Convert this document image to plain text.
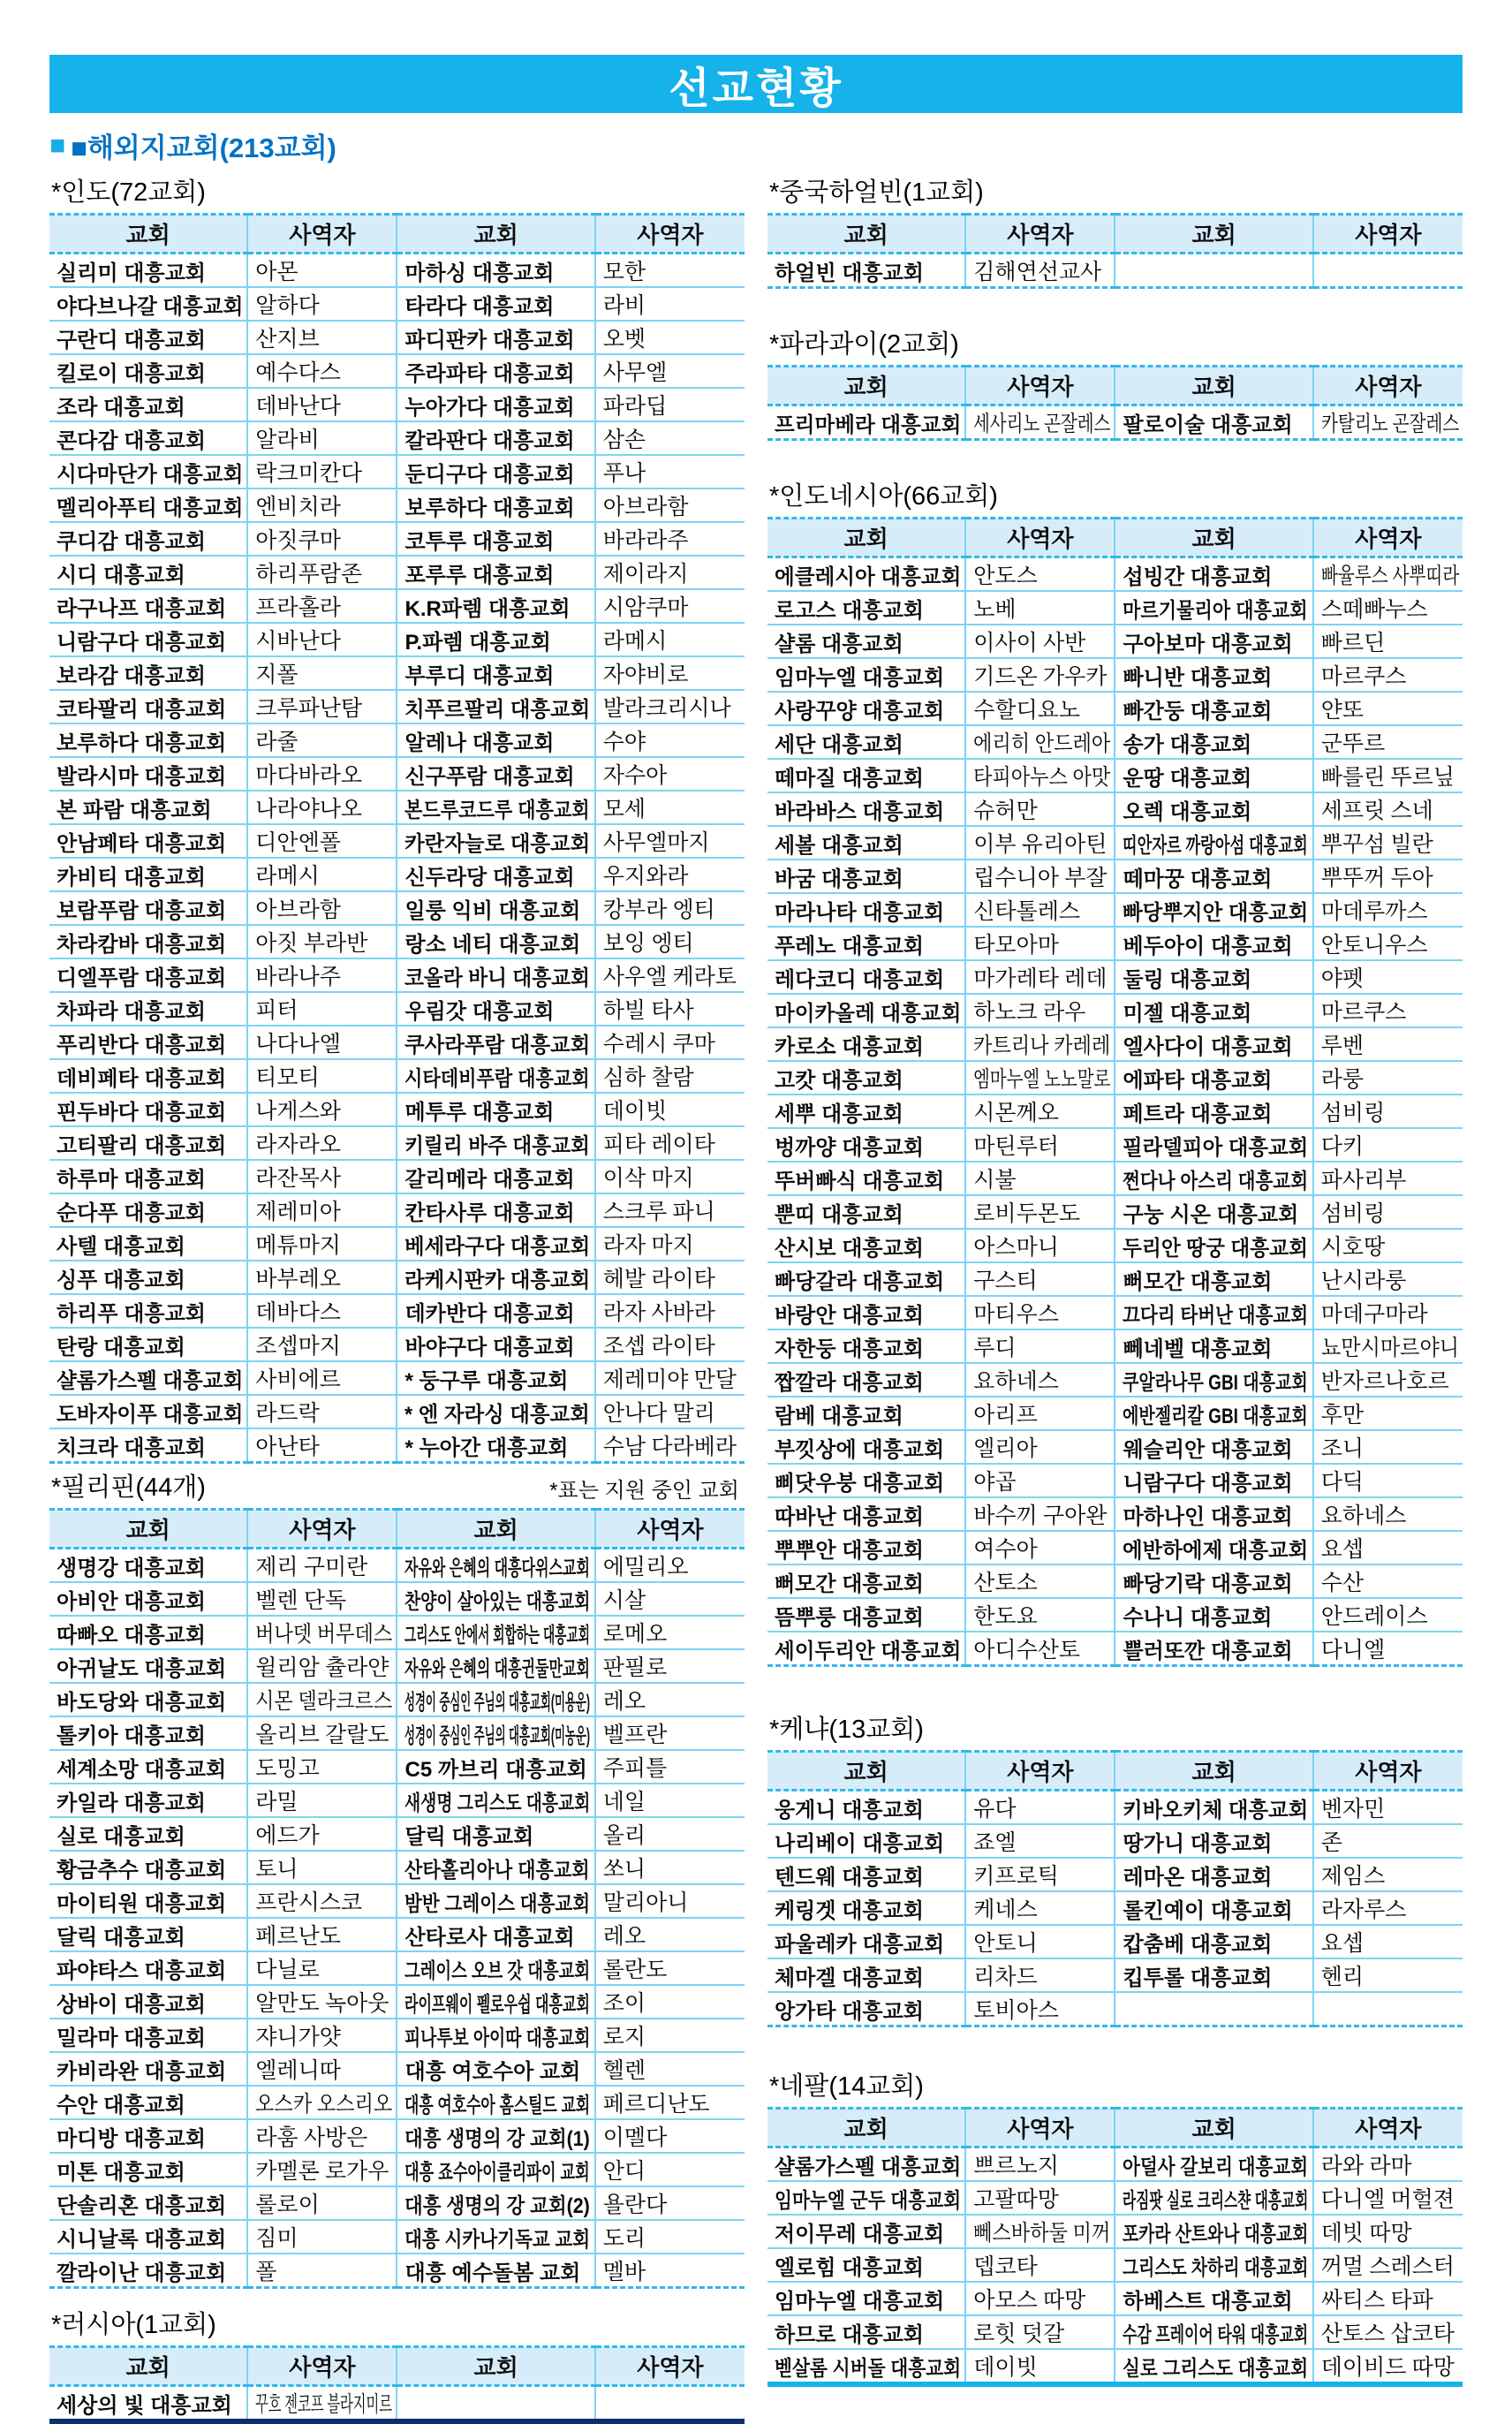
선교현황
■ ■해외지교회(213교회)
*인도(72교회)
교회	사역자	교회	사역자
실리미 대흥교회	아몬	마하싱 대흥교회	모한
야다브나갈 대흥교회	알하다	타라다 대흥교회	라비
구란디 대흥교회	산지브	파디판카 대흥교회	오벳
킬로이 대흥교회	예수다스	주라파타 대흥교회	사무엘
조라 대흥교회	데바난다	누아가다 대흥교회	파라딥
콘다감 대흥교회	알라비	칼라판다 대흥교회	삼손
시다마단가 대흥교회	락크미칸다	둔디구다 대흥교회	푸나
멜리아푸티 대흥교회	엔비치라	보루하다 대흥교회	아브라함
쿠디감 대흥교회	아짓쿠마	코투루 대흥교회	바라라주
시디 대흥교회	하리푸람존	포루루 대흥교회	제이라지
라구나프 대흥교회	프라홀라	K.R파렘 대흥교회	시암쿠마
니람구다 대흥교회	시바난다	P.파렘 대흥교회	라메시
보라감 대흥교회	지폴	부루디 대흥교회	자야비로
코타팔리 대흥교회	크루파난탐	치푸르팔리 대흥교회	발라크리시나
보루하다 대흥교회	라줄	알레나 대흥교회	수야
발라시마 대흥교회	마다바라오	신구푸람 대흥교회	자수아
본 파람 대흥교회	나라야나오	본드루코드루 대흥교회	모세
안남페타 대흥교회	디안엔폴	카란자늘로 대흥교회	사무엘마지
카비티 대흥교회	라메시	신두라당 대흥교회	우지와라
보람푸람 대흥교회	아브라함	일룽 익비 대흥교회	캉부라 엥티
차라캄바 대흥교회	아짓 부라반	랑소 네티 대흥교회	보잉 엥티
디엘푸람 대흥교회	바라나주	코올라 바니 대흥교회	사우엘 케라토
차파라 대흥교회	피터	우림갓 대흥교회	하빌 타사
푸리반다 대흥교회	나다나엘	쿠사라푸람 대흥교회	수레시 쿠마
데비페타 대흥교회	티모티	시타데비푸람 대흥교회	심하 찰람
핀두바다 대흥교회	나게스와	메투루 대흥교회	데이빗
고티팔리 대흥교회	라자라오	키릴리 바주 대흥교회	피타 레이타
하루마 대흥교회	라잔목사	갈리메라 대흥교회	이삭 마지
순다푸 대흥교회	제레미아	칸타사루 대흥교회	스크루 파니
사텔 대흥교회	메튜마지	베세라구다 대흥교회	라자 마지
싱푸 대흥교회	바부레오	라케시판카 대흥교회	헤발 라이타
하리푸 대흥교회	데바다스	데카반다 대흥교회	라자 사바라
탄랑 대흥교회	조셉마지	바야구다 대흥교회	조셉 라이타
샬롬가스펠 대흥교회	사비에르	* 둥구루 대흥교회	제레미야 만달
도바자이푸 대흥교회	라드락	* 엔 자라싱 대흥교회	안나다 말리
치크라 대흥교회	아난타	* 누아간 대흥교회	수남 다라베라
*필리핀(44개)	*표는 지원 중인 교회
교회	사역자	교회	사역자
생명강 대흥교회	제리 구미란	자유와 은혜의 대흥다위스교회	에밀리오
아비안 대흥교회	벨렌 단독	찬양이 살아있는 대흥교회	시살
따빠오 대흥교회	버나뎃 버무데스	그리스도 안에서 회합하는 대흥교회	로메오
아귀날도 대흥교회	윌리암 츌라얀	자유와 은혜의 대흥귄둘만교회	판필로
바도당와 대흥교회	시몬 델라크르스	성경이 중심인 주님의 대흥교회(미용운)	레오
톨키아 대흥교회	올리브 갈랄도	성경이 중심인 주님의 대흥교회(미농운)	벨프란
세계소망 대흥교회	도밍고	C5 까브리 대흥교회	주피틀
카일라 대흥교회	라밀	새생명 그리스도 대흥교회	네일
실로 대흥교회	에드가	달릭 대흥교회	올리
황금추수 대흥교회	토니	산타홀리아나 대흥교회	쏘니
마이티원 대흥교회	프란시스코	밤반 그레이스 대흥교회	말리아니
달릭 대흥교회	페르난도	산타로사 대흥교회	레오
파야타스 대흥교회	다닐로	그레이스 오브 갓 대흥교회	롤란도
상바이 대흥교회	알만도 녹아웃	라이프웨이 펠로우쉽 대흥교회	조이
밀라마 대흥교회	쟈니가얏	피나투보 아이따 대흥교회	로지
카비라완 대흥교회	엘레니따	대흥 여호수아 교회	헬렌
수안 대흥교회	오스카 오스리오	대흥 여호수아 홈스틸드 교회	페르디난도
마디방 대흥교회	라훔 사방은	대흥 생명의 강 교회(1)	이멜다
미톤 대흥교회	카멜론 로가우	대흥 죠수아이클리파이 교회	안디
단솔리혼 대흥교회	롤로이	대흥 생명의 강 교회(2)	욜란다
시니날록 대흥교회	짐미	대흥 시카나기독교 교회	도리
깔라이난 대흥교회	폴	대흥 예수돌봄 교회	멜바
*러시아(1교회)
교회	사역자	교회	사역자
세상의 빛 대흥교회	꾸흐 젠코프 블라지미르		
*중국하얼빈(1교회)
교회	사역자	교회	사역자
하얼빈 대흥교회	김해연선교사		
*파라과이(2교회)
교회	사역자	교회	사역자
프리마베라 대흥교회	세사리노 곤잘레스	팔로이술 대흥교회	카탈리노 곤잘레스
*인도네시아(66교회)
교회	사역자	교회	사역자
에클레시아 대흥교회	안도스	섭빙간 대흥교회	빠율루스 사뿌띠라
로고스 대흥교회	노베	마르기물리아 대흥교회	스떼빠누스
샬롬 대흥교회	이사이 사반	구아보마 대흥교회	빠르딘
임마누엘 대흥교회	기드온 가우카	빠니반 대흥교회	마르쿠스
사랑꾸양 대흥교회	수할디요노	빠간둥 대흥교회	얀또
세단 대흥교회	에리히 안드레아	송가 대흥교회	군뚜르
떼마질 대흥교회	타피아누스 아맛	운땅 대흥교회	빠를린 뚜르닢
바라바스 대흥교회	슈허만	오렉 대흥교회	세프릿 스네
세볼 대흥교회	이부 유리아틴	띠안자르 까랑아섬 대흥교회	뿌꾸섬 빌란
바굼 대흥교회	립수니아 부잘	떼마꿍 대흥교회	뿌뚜꺼 두아
마라나타 대흥교회	신타톨레스	빠당뿌지안 대흥교회	마데루까스
푸레노 대흥교회	타모아마	베두아이 대흥교회	안토니우스
레다코디 대흥교회	마가레타 레데	둘링 대흥교회	야펫
마이카올레 대흥교회	하노크 라우	미젤 대흥교회	마르쿠스
카로소 대흥교회	카트리나 카레레	엘사다이 대흥교회	루벤
고캇 대흥교회	엠마누엘 노노말로	에파타 대흥교회	라룽
세뿌 대흥교회	시몬께오	페트라 대흥교회	섬비링
벙까양 대흥교회	마틴루터	필라델피아 대흥교회	다키
뚜버빠식 대흥교회	시불	쩐다나 아스리 대흥교회	파사리부
뿐띠 대흥교회	로비두몬도	구눙 시온 대흥교회	섬비링
산시보 대흥교회	아스마니	두리안 땅궁 대흥교회	시호땅
빠당갈라 대흥교회	구스티	뻐모간 대흥교회	난시라룽
바랑안 대흥교회	마티우스	끄다리 타버난 대흥교회	마데구마라
자한둥 대흥교회	루디	뻬네벨 대흥교회	뇨만시마르야니
짭깔라 대흥교회	요하네스	쿠알라나무 GBI 대흥교회	반자르나호르
람베 대흥교회	아리프	에반젤리칼 GBI 대흥교회	후만
부낏상에 대흥교회	엘리아	웨슬리안 대흥교회	조니
삐닷우붕 대흥교회	야곱	니람구다 대흥교회	다딕
따바난 대흥교회	바수끼 구아완	마하나인 대흥교회	요하네스
뿌뿌안 대흥교회	여수아	에반하에제 대흥교회	요셉
뻐모간 대흥교회	산토소	빠당기락 대흥교회	수산
뜸뿌룽 대흥교회	한도요	수나니 대흥교회	안드레이스
세이두리안 대흥교회	아디수산토	쁠러또깐 대흥교회	다니엘
*케냐(13교회)
교회	사역자	교회	사역자
웅게니 대흥교회	유다	키바오키체 대흥교회	벤자민
나리베이 대흥교회	죠엘	땅가니 대흥교회	존
텐드웨 대흥교회	키프로틱	레마온 대흥교회	제임스
케링겟 대흥교회	케네스	롤킨예이 대흥교회	라자루스
파울레카 대흥교회	안토니	캅춤베 대흥교회	요셉
체마겔 대흥교회	리차드	킵투롤 대흥교회	헨리
앙가타 대흥교회	토비아스		
*네팔(14교회)
교회	사역자	교회	사역자
샬롬가스펠 대흥교회	쁘르노지	아덜사 갈보리 대흥교회	라와 라마
임마누엘 군두 대흥교회	고팔따망	라짐팟 실로 크리스챤 대흥교회	다니엘 머헐젼
저이무레 대흥교회	뻬스바하둘 미꺼	포카라 산트와나 대흥교회	데빗 따망
엘로힘 대흥교회	뎁코타	그리스도 차하리 대흥교회	꺼멀 스레스터
임마누엘 대흥교회	아모스 따망	하베스트 대흥교회	싸티스 타파
하므로 대흥교회	로힛 덧갈	수감 프레이어 타워 대흥교회	산토스 삽코타
벧살롬 시버돌 대흥교회	데이빗	실로 그리스도 대흥교회	데이비드 따망
